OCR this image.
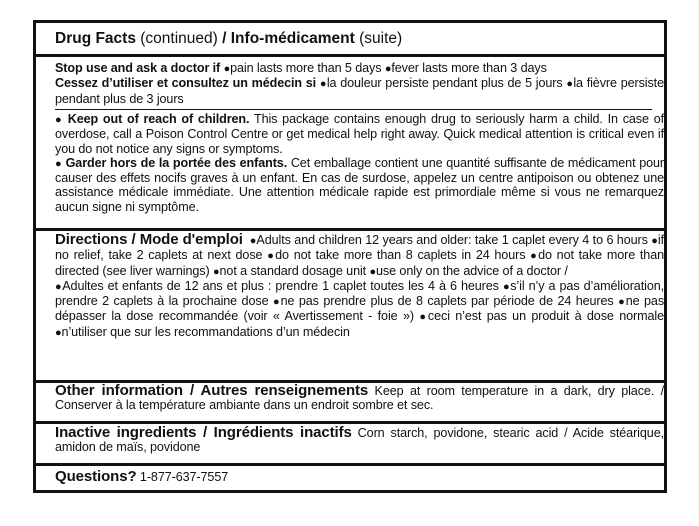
Drug Facts (continued) / Info-médicament (suite)
Stop use and ask a doctor if ●pain lasts more than 5 days ●fever lasts more than 3 days
Cessez d’utiliser et consultez un médecin si ●la douleur persiste pendant plus de 5 jours ●la fièvre persiste pendant plus de 3 jours
● Keep out of reach of children. This package contains enough drug to seriously harm a child. In case of overdose, call a Poison Control Centre or get medical help right away. Quick medical attention is critical even if you do not notice any signs or symptoms.
● Garder hors de la portée des enfants. Cet emballage contient une quantité suffisante de médicament pour causer des effets nocifs graves à un enfant. En cas de surdose, appelez un centre antipoison ou obtenez une assistance médicale immédiate. Une attention médicale rapide est primordiale même si vous ne remarquez aucun signe ni symptôme.
Directions / Mode d'emploi ●Adults and children 12 years and older: take 1 caplet every 4 to 6 hours ●if no relief, take 2 caplets at next dose ●do not take more than 8 caplets in 24 hours ●do not take more than directed (see liver warnings) ●not a standard dosage unit ●use only on the advice of a doctor /
●Adultes et enfants de 12 ans et plus : prendre 1 caplet toutes les 4 à 6 heures ●s’il n’y a pas d’amélioration, prendre 2 caplets à la prochaine dose ●ne pas prendre plus de 8 caplets par période de 24 heures ●ne pas dépasser la dose recommandée (voir « Avertissement - foie ») ●ceci n’est pas un produit à dose normale ●n’utiliser que sur les recommandations d’un médecin
Other information / Autres renseignements Keep at room temperature in a dark, dry place. / Conserver à la température ambiante dans un endroit sombre et sec.
Inactive ingredients / Ingrédients inactifs Corn starch, povidone, stearic acid / Acide stéarique, amidon de maïs, povidone
Questions? 1-877-637-7557
